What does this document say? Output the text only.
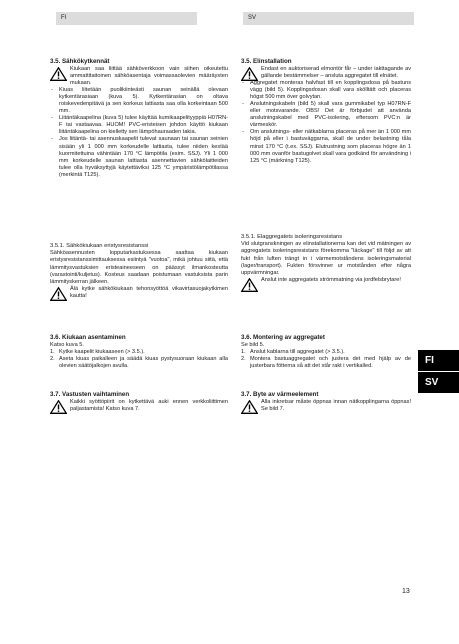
FI	SV

3.5. Sähkökytkennät

Kiukaan saa liittää sähköverkkoon vain siihen oikeutettu ammattitaitoinen sähköasentaja voimassaolevien määräysten mukaan.

- Kiuas liitetään puolikiinteästi saunan seinällä olevaan kytkentärasiaan (kuva 5). Kytkentärasian on oltava roiskevedenpitävä ja sen korkeus lattiasta saa olla korkeintaan 500 mm.

- Liitäntäkaapelina (kuva 5) tulee käyttää kumikaapelityyppiä H07RN-F tai vastaavaa. HUOM! PVC-eristeisen johdon käyttö kiukaan liitäntäkaapelina on kielletty sen lämpöhauraaden takia.

- Jos liitäntä- tai asennuskaapelit tulevat saunaan tai saunan seinien sisään yli 1 000 mm korkeudelle lattiasta, tulee niiden kestää kuormitettuina vähintään 170 °C lämpötila (esim. SSJ). Yli 1 000 mm korkeudelle saunan lattiasta asennettavien sähkölaitteiden tulee olla hyväksyttyjä käytettäviksi 125 °C ympäristölämpötilassa (merkintä T125).

3.5.1. Sähkökiukaan eristysresistanssi

Sähköasennusten lopputarkastuksessa saattaa kiukaan eristysresistanssimittauksessa esiintyä "vuotoa", mikä johtuu siitä, että lämmitysvastuksien eristeaineeseen on päässyt ilmankosteutta (varastointi/kuljetus). Kosteus saadaan poistumaan vastuksista parin lämmityskerran jälkeen.

Älä kytke sähkökiukaan tehonsyöttöä vikavirtasuojakytkimen kautta!

3.6. Kiukaan asentaminen

Katso kuva 5.

1. Kytke kaapelit kiukaaseen (> 3.5.).

2. Aseta kiuas paikalleen ja säädä kiuas pystysuoraan kiukaan alla olevien säätöjalkojen avulla.

3.7. Vastusten vaihtaminen

Kaikki syöttöpiirit on kytkettävä auki ennen verkkoliittimen paljastamista! Katso kuva 7.

3.5. Elinstallation

Endast en auktoriserad elmontör får – under iakttagande av gällande bestämmelser – ansluta aggregatet till elnätet.

- Aggregatet monteras halvfast till en kopplingsdosa på bastuns vägg (bild 5). Kopplingsdosan skall vara skölltätt och placeras högst 500 mm över golvytan.

- Anslutningskabeln (bild 5) skall vara gummikabel typ H07RN-F eller motsvarande. OBS! Det är förbjudet att använda anslutningskabel med PVC-isolering, eftersom PVC:n är värmeskör.

- Om anslutnings- eller nätkablarna placeras på mer än 1 000 mm höjd på eller i bastuväggarna, skall de under belastning tåla minst 170 °C (t.ex. SSJ). Elutrustning som placeras högre än 1 000 mm ovanför bastugolvet skall vara godkänd för användning i 125 °C (märkning T125).

3.5.1. Elaggregatets isoleringsresistans

Vid slutgranskningen av elinstallationerna kan det vid mätningen av aggregatets isoleringsresistans förekomma "läckage" till följd av att fukt från luften trängt in i värmemotståndens isoleringsmaterial (lager/transport). Fukten försvinner ur motstånden efter några uppvärmningar.

Anslut inte aggregatets strömmatning via jordfelsbrytare!

3.6. Montering av aggregatet

Se bild 5.

1. Anslut kablarna till aggregatet (> 3.5.).

2. Montera bastuaggregatet och justera det med hjälp av de justerbara fötterna så att det står rakt i vertikalled.

3.7. Byte av värmeelement

Alla inkretsar måste öppnas innan nätkopplingarna öppnas! Se bild 7.

FI
SV
13
